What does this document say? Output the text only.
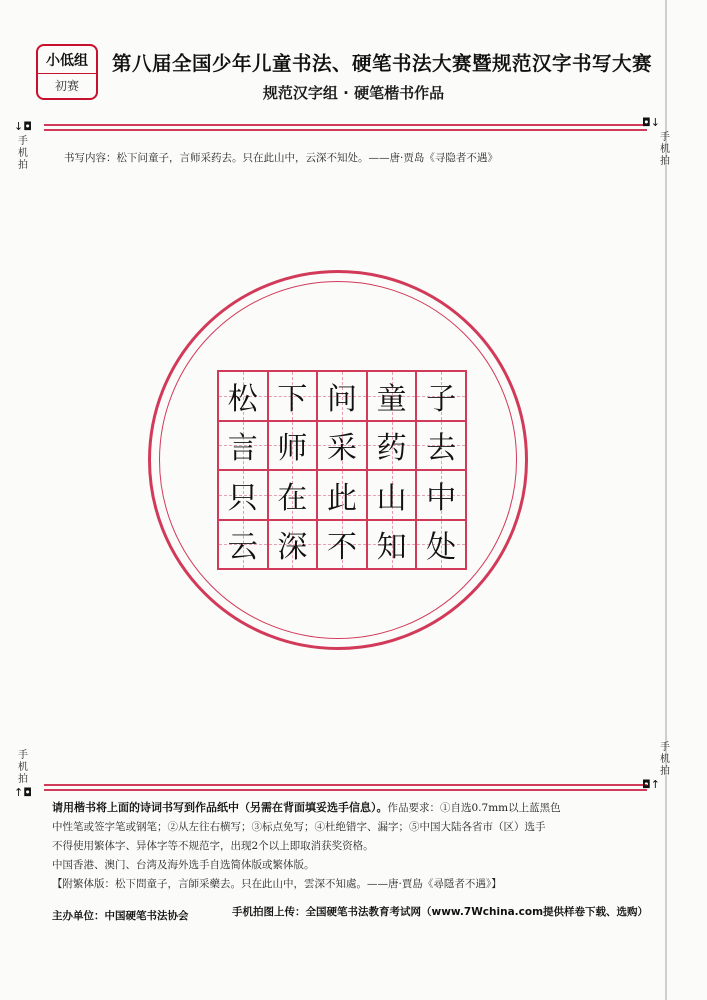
小低组
初赛
第八届全国少年儿童书法、硬笔书法大赛暨规范汉字书写大赛
规范汉字组 · 硬笔楷书作品
↓◘
手机拍
◘↓
手机拍
手机拍
↑◘
手机拍
◘↑
书写内容：松下问童子，言师采药去。只在此山中，云深不知处。——唐·贾岛《寻隐者不遇》
松 下 问 童 子
言 师 采 药 去
只 在 此 山 中
云 深 不 知 处
请用楷书将上面的诗词书写到作品纸中（另需在背面填妥选手信息）。作品要求：①自选0.7mm以上蓝黑色
中性笔或签字笔或钢笔；②从左往右横写；③标点免写；④杜绝错字、漏字；⑤中国大陆各省市（区）选手
不得使用繁体字、异体字等不规范字，出现2个以上即取消获奖资格。
中国香港、澳门、台湾及海外选手自选简体版或繁体版。
【附繁体版：松下問童子，言師采藥去。只在此山中，雲深不知處。——唐·賈島《尋隱者不遇》】
主办单位：中国硬笔书法协会	手机拍图上传：全国硬笔书法教育考试网（www.7Wchina.com提供样卷下载、选购）
